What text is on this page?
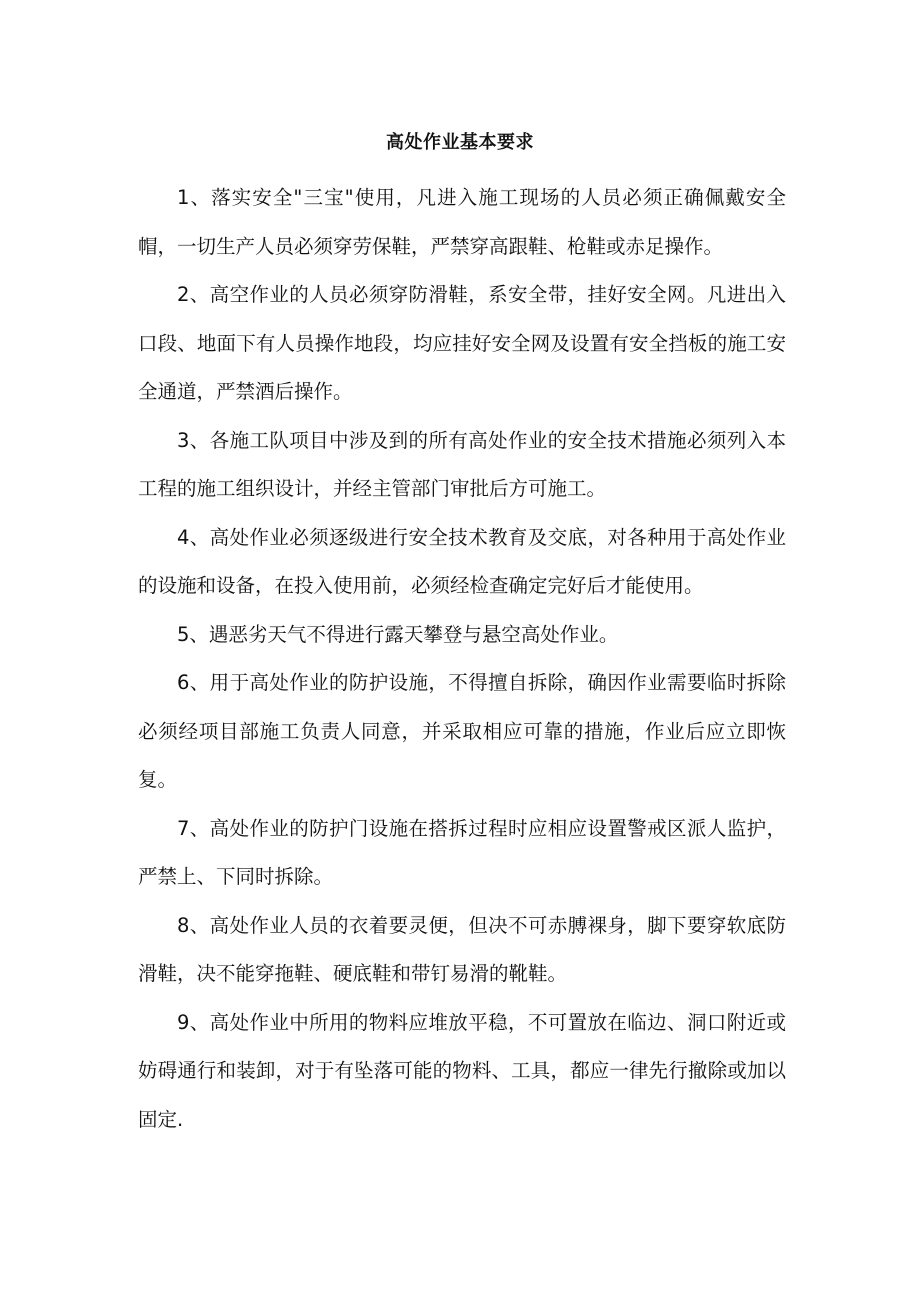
高处作业基本要求

1、落实安全"三宝"使用，凡进入施工现场的人员必须正确佩戴安全帽，一切生产人员必须穿劳保鞋，严禁穿高跟鞋、枪鞋或赤足操作。

2、高空作业的人员必须穿防滑鞋，系安全带，挂好安全网。凡进出入口段、地面下有人员操作地段，均应挂好安全网及设置有安全挡板的施工安全通道，严禁酒后操作。

3、各施工队项目中涉及到的所有高处作业的安全技术措施必须列入本工程的施工组织设计，并经主管部门审批后方可施工。

4、高处作业必须逐级进行安全技术教育及交底，对各种用于高处作业的设施和设备，在投入使用前，必须经检查确定完好后才能使用。

5、遇恶劣天气不得进行露天攀登与悬空高处作业。

6、用于高处作业的防护设施，不得擅自拆除，确因作业需要临时拆除必须经项目部施工负责人同意，并采取相应可靠的措施，作业后应立即恢复。

7、高处作业的防护门设施在搭拆过程时应相应设置警戒区派人监护，严禁上、下同时拆除。

8、高处作业人员的衣着要灵便，但决不可赤膊裸身，脚下要穿软底防滑鞋，决不能穿拖鞋、硬底鞋和带钉易滑的靴鞋。

9、高处作业中所用的物料应堆放平稳，不可置放在临边、洞口附近或妨碍通行和装卸，对于有坠落可能的物料、工具，都应一律先行撤除或加以固定.
